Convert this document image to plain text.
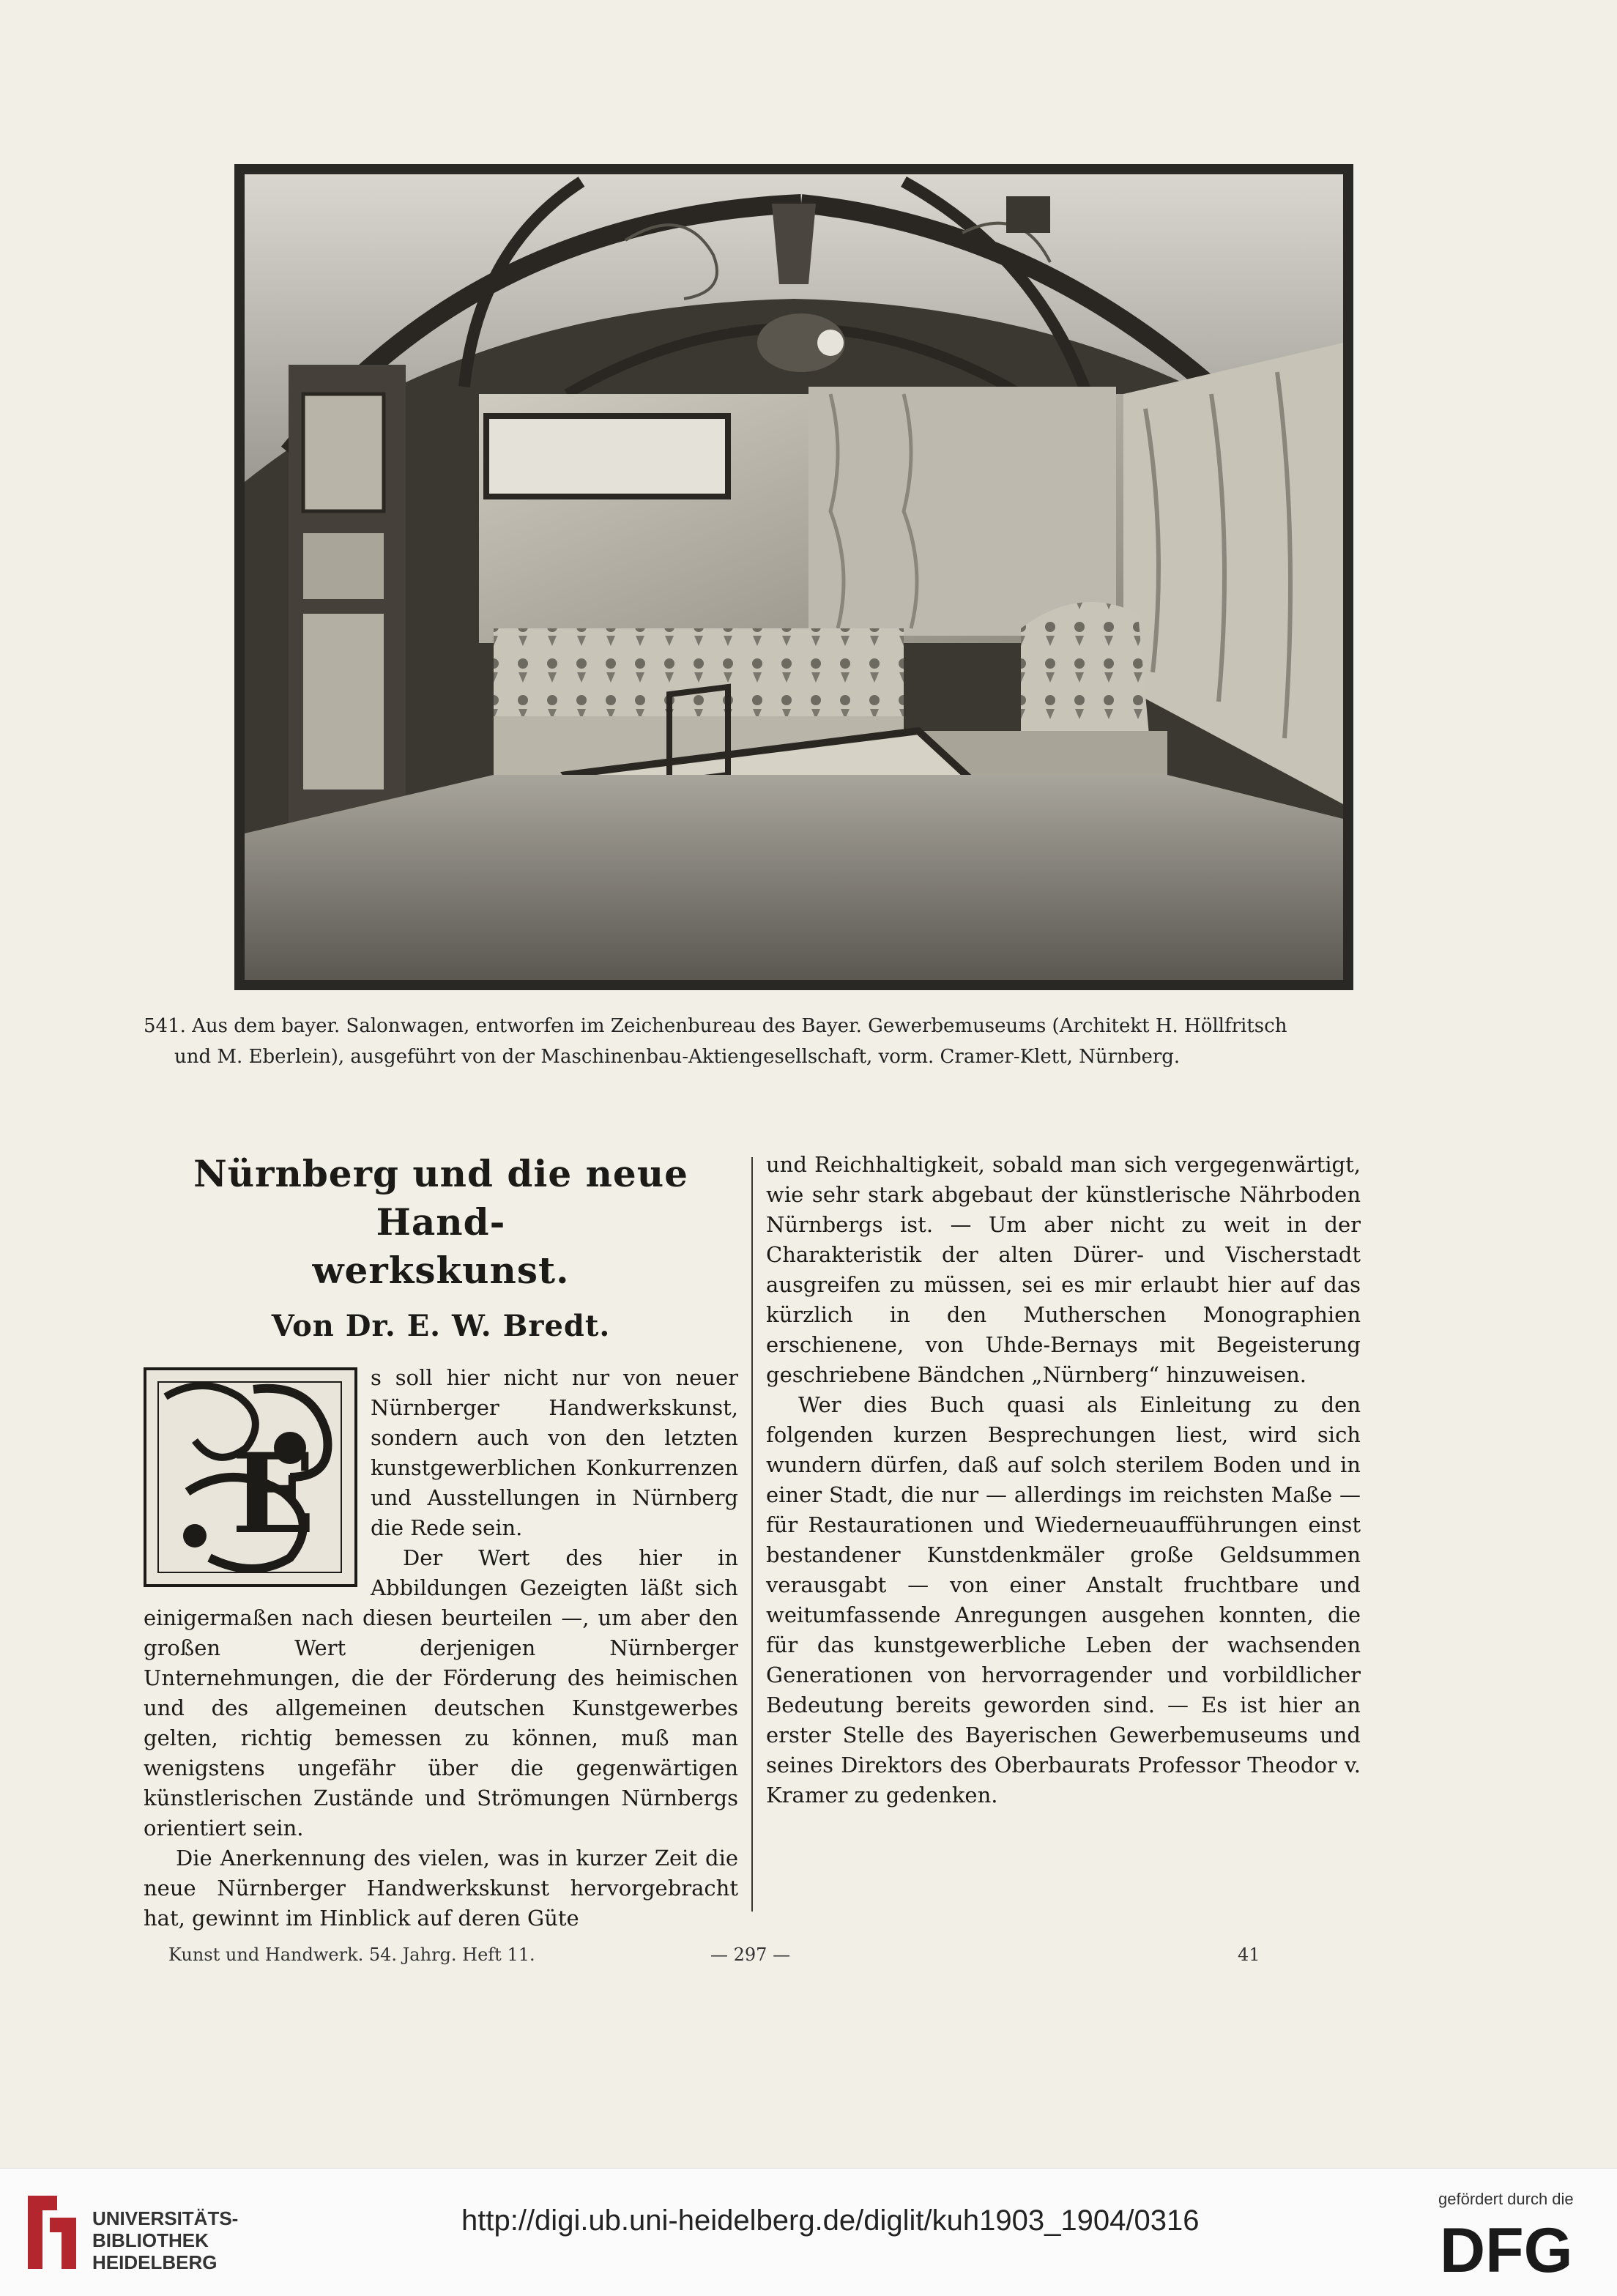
541. Aus dem bayer. Salonwagen, entworfen im Zeichenbureau des Bayer. Gewerbemuseums (Architekt H. Höllfritsch
und M. Eberlein), ausgeführt von der Maschinenbau-Aktiengesellschaft, vorm. Cramer-Klett, Nürnberg.
Nürnberg und die neue Hand-
werkskunst.
Von Dr. E. W. Bredt.
E

s soll hier nicht nur von neuer Nürnberger Handwerkskunst, sondern auch von den letzten kunstgewerblichen Konkurrenzen und Ausstellungen in Nürnberg die Rede sein.

Der Wert des hier in Abbildungen Gezeigten läßt sich einigermaßen nach diesen beurteilen —, um aber den großen Wert derjenigen Nürnberger Unternehmungen, die der Förderung des heimischen und des allgemeinen deutschen Kunstgewerbes gelten, richtig bemessen zu können, muß man wenigstens ungefähr über die gegenwärtigen künstlerischen Zustände und Strömungen Nürnbergs orientiert sein.

Die Anerkennung des vielen, was in kurzer Zeit die neue Nürnberger Handwerkskunst hervorgebracht hat, gewinnt im Hinblick auf deren Güte

und Reichhaltigkeit, sobald man sich vergegenwärtigt, wie sehr stark abgebaut der künstlerische Nährboden Nürnbergs ist. — Um aber nicht zu weit in der Charakteristik der alten Dürer- und Vischerstadt ausgreifen zu müssen, sei es mir erlaubt hier auf das kürzlich in den Mutherschen Monographien erschienene, von Uhde-Bernays mit Begeisterung geschriebene Bändchen „Nürnberg“ hinzuweisen.

Wer dies Buch quasi als Einleitung zu den folgenden kurzen Besprechungen liest, wird sich wundern dürfen, daß auf solch sterilem Boden und in einer Stadt, die nur — allerdings im reichsten Maße — für Restaurationen und Wiederneuaufführungen einst bestandener Kunstdenkmäler große Geldsummen verausgabt — von einer Anstalt fruchtbare und weitumfassende Anregungen ausgehen konnten, die für das kunstgewerbliche Leben der wachsenden Generationen von hervorragender und vorbildlicher Bedeutung bereits geworden sind. — Es ist hier an erster Stelle des Bayerischen Gewerbemuseums und seines Direktors des Oberbaurats Professor Theodor v. Kramer zu gedenken.

Kunst und Handwerk. 54. Jahrg. Heft 11.	— 297 —	41
UNIVERSITÄTS-
BIBLIOTHEK
HEIDELBERG
http://digi.ub.uni-heidelberg.de/diglit/kuh1903_1904/0316
gefördert durch die
DFG
